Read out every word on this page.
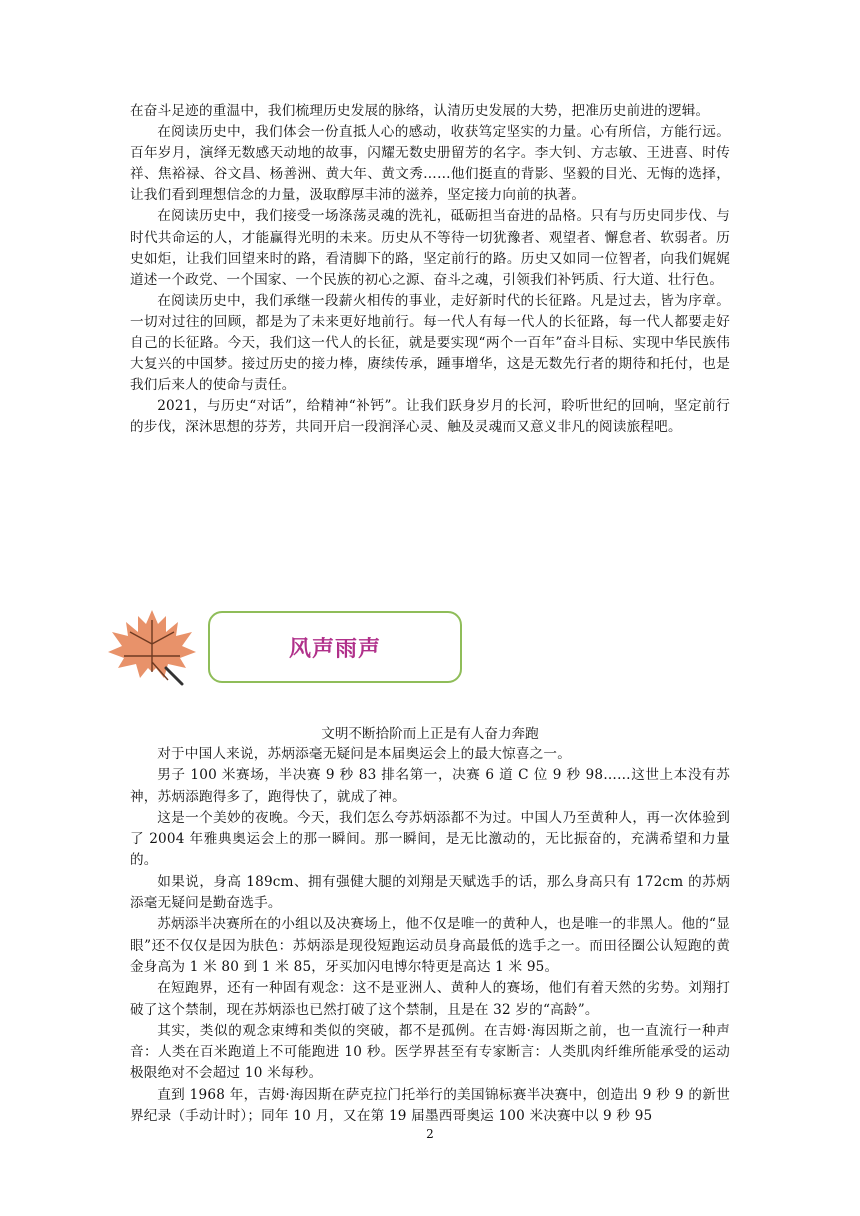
在奋斗足迹的重温中，我们梳理历史发展的脉络，认清历史发展的大势，把准历史前进的逻辑。

在阅读历史中，我们体会一份直抵人心的感动，收获笃定坚实的力量。心有所信，方能行远。百年岁月，演绎无数感天动地的故事，闪耀无数史册留芳的名字。李大钊、方志敏、王进喜、时传祥、焦裕禄、谷文昌、杨善洲、黄大年、黄文秀……他们挺直的背影、坚毅的目光、无悔的选择，让我们看到理想信念的力量，汲取醇厚丰沛的滋养，坚定接力向前的执著。

在阅读历史中，我们接受一场涤荡灵魂的洗礼，砥砺担当奋进的品格。只有与历史同步伐、与时代共命运的人，才能赢得光明的未来。历史从不等待一切犹豫者、观望者、懈怠者、软弱者。历史如炬，让我们回望来时的路，看清脚下的路，坚定前行的路。历史又如同一位智者，向我们娓娓道述一个政党、一个国家、一个民族的初心之源、奋斗之魂，引领我们补钙质、行大道、壮行色。

在阅读历史中，我们承继一段薪火相传的事业，走好新时代的长征路。凡是过去，皆为序章。一切对过往的回顾，都是为了未来更好地前行。每一代人有每一代人的长征路，每一代人都要走好自己的长征路。今天，我们这一代人的长征，就是要实现“两个一百年”奋斗目标、实现中华民族伟大复兴的中国梦。接过历史的接力棒，赓续传承，踵事增华，这是无数先行者的期待和托付，也是我们后来人的使命与责任。

2021，与历史“对话”，给精神“补钙”。让我们跃身岁月的长河，聆听世纪的回响，坚定前行的步伐，深沐思想的芬芳，共同开启一段润泽心灵、触及灵魂而又意义非凡的阅读旅程吧。

风声雨声
文明不断拾阶而上正是有人奋力奔跑

对于中国人来说，苏炳添毫无疑问是本届奥运会上的最大惊喜之一。

男子 100 米赛场，半决赛 9 秒 83 排名第一，决赛 6 道 C 位 9 秒 98……这世上本没有苏神，苏炳添跑得多了，跑得快了，就成了神。

这是一个美妙的夜晚。今天，我们怎么夸苏炳添都不为过。中国人乃至黄种人，再一次体验到了 2004 年雅典奥运会上的那一瞬间。那一瞬间，是无比激动的，无比振奋的，充满希望和力量的。

如果说，身高 189cm、拥有强健大腿的刘翔是天赋选手的话，那么身高只有 172cm 的苏炳添毫无疑问是勤奋选手。

苏炳添半决赛所在的小组以及决赛场上，他不仅是唯一的黄种人，也是唯一的非黑人。他的“显眼”还不仅仅是因为肤色：苏炳添是现役短跑运动员身高最低的选手之一。而田径圈公认短跑的黄金身高为 1 米 80 到 1 米 85，牙买加闪电博尔特更是高达 1 米 95。

在短跑界，还有一种固有观念：这不是亚洲人、黄种人的赛场，他们有着天然的劣势。刘翔打破了这个禁制，现在苏炳添也已然打破了这个禁制，且是在 32 岁的“高龄”。

其实，类似的观念束缚和类似的突破，都不是孤例。在吉姆·海因斯之前，也一直流行一种声音：人类在百米跑道上不可能跑进 10 秒。医学界甚至有专家断言：人类肌肉纤维所能承受的运动极限绝对不会超过 10 米每秒。

直到 1968 年，吉姆·海因斯在萨克拉门托举行的美国锦标赛半决赛中，创造出 9 秒 9 的新世界纪录（手动计时）；同年 10 月，又在第 19 届墨西哥奥运 100 米决赛中以 9 秒 95

2
